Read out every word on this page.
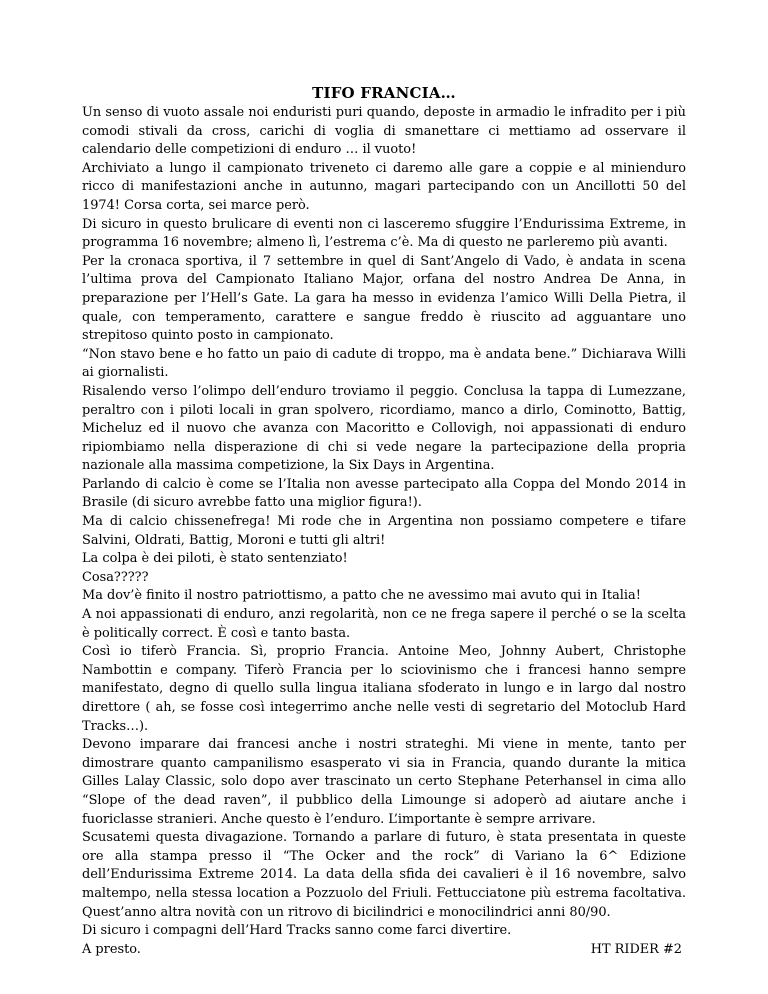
TIFO FRANCIA…

Un senso di vuoto assale noi enduristi puri quando, deposte in armadio le infradito per i più comodi stivali da cross, carichi di voglia di smanettare ci mettiamo ad osservare il calendario delle competizioni di enduro … il vuoto!

Archiviato a lungo il campionato triveneto ci daremo alle gare a coppie e al minienduro ricco di manifestazioni anche in autunno, magari partecipando con un Ancillotti 50 del 1974! Corsa corta, sei marce però.

Di sicuro in questo brulicare di eventi non ci lasceremo sfuggire l’Endurissima Extreme, in programma 16 novembre; almeno lì, l’estrema c’è. Ma di questo ne parleremo più avanti.

Per la cronaca sportiva, il 7 settembre in quel di Sant’Angelo di Vado, è andata in scena l’ultima prova del Campionato Italiano Major, orfana del nostro Andrea De Anna, in preparazione per l’Hell’s Gate. La gara ha messo in evidenza l’amico Willi Della Pietra, il quale, con temperamento, carattere e sangue freddo è riuscito ad agguantare uno strepitoso quinto posto in campionato.

“Non stavo bene e ho fatto un paio di cadute di troppo, ma è andata bene.” Dichiarava Willi ai giornalisti.

Risalendo verso l’olimpo dell’enduro troviamo il peggio. Conclusa la tappa di Lumezzane, peraltro con i piloti locali in gran spolvero, ricordiamo, manco a dirlo, Cominotto, Battig, Micheluz ed il nuovo che avanza con Macoritto e Collovigh, noi appassionati di enduro ripiombiamo nella disperazione di chi si vede negare la partecipazione della propria nazionale alla massima competizione, la Six Days in Argentina.

Parlando di calcio è come se l’Italia non avesse partecipato alla Coppa del Mondo 2014 in Brasile (di sicuro avrebbe fatto una miglior figura!).

Ma di calcio chissenefrega! Mi rode che in Argentina non possiamo competere e tifare Salvini, Oldrati, Battig, Moroni e tutti gli altri!

La colpa è dei piloti, è stato sentenziato!

Cosa?????

Ma dov’è finito il nostro patriottismo, a patto che ne avessimo mai avuto qui in Italia!

A noi appassionati di enduro, anzi regolarità, non ce ne frega sapere il perché o se la scelta è politically correct. È così e tanto basta.

Così io tiferò Francia. Sì, proprio Francia. Antoine Meo, Johnny Aubert, Christophe Nambottin e company. Tiferò Francia per lo sciovinismo che i francesi hanno sempre manifestato, degno di quello sulla lingua italiana sfoderato in lungo e in largo dal nostro direttore ( ah, se fosse così integerrimo anche nelle vesti di segretario del Motoclub Hard Tracks…).

Devono imparare dai francesi anche i nostri strateghi. Mi viene in mente, tanto per dimostrare quanto campanilismo esasperato vi sia in Francia, quando durante la mitica Gilles Lalay Classic, solo dopo aver trascinato un certo Stephane Peterhansel in cima allo “Slope of the dead raven”, il pubblico della Limounge si adoperò ad aiutare anche i fuoriclasse stranieri. Anche questo è l’enduro. L’importante è sempre arrivare.

Scusatemi questa divagazione. Tornando a parlare di futuro, è stata presentata in queste ore alla stampa presso il “The Ocker and the rock” di Variano la 6^ Edizione dell’Endurissima Extreme 2014. La data della sfida dei cavalieri è il 16 novembre, salvo maltempo, nella stessa location a Pozzuolo del Friuli. Fettucciatone più estrema facoltativa. Quest’anno altra novità con un ritrovo di bicilindrici e monocilindrici anni 80/90.

Di sicuro i compagni dell’Hard Tracks sanno come farci divertire.

A presto.	HT RIDER #2
